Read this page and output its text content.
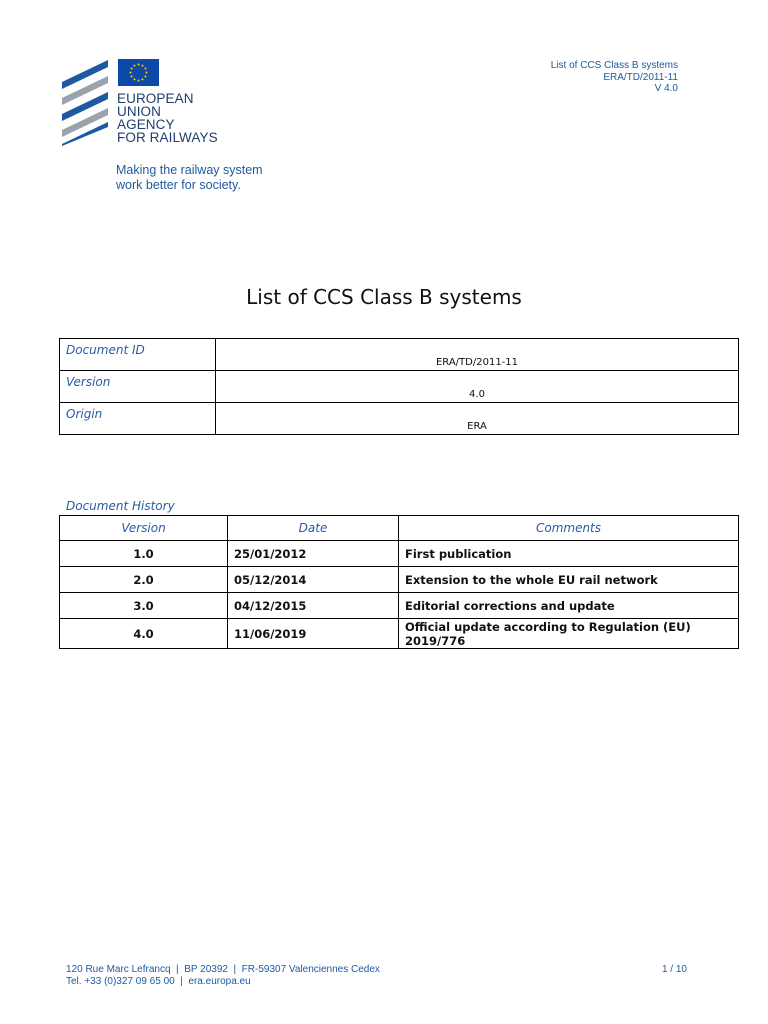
EUROPEAN
UNION
AGENCY
FOR RAILWAYS
Making the railway system
work better for society.
List of CCS Class B systems
ERA/TD/2011-11
V 4.0
List of CCS Class B systems
Document ID	ERA/TD/2011-11
Version	4.0
Origin	ERA
Document History
Version	Date	Comments
1.0	25/01/2012	First publication
2.0	05/12/2014	Extension to the whole EU rail network
3.0	04/12/2015	Editorial corrections and update
4.0	11/06/2019	Official update according to Regulation (EU) 2019/776
120 Rue Marc Lefrancq  |  BP 20392  |  FR-59307 Valenciennes Cedex
Tel. +33 (0)327 09 65 00  |  era.europa.eu
1 / 10
